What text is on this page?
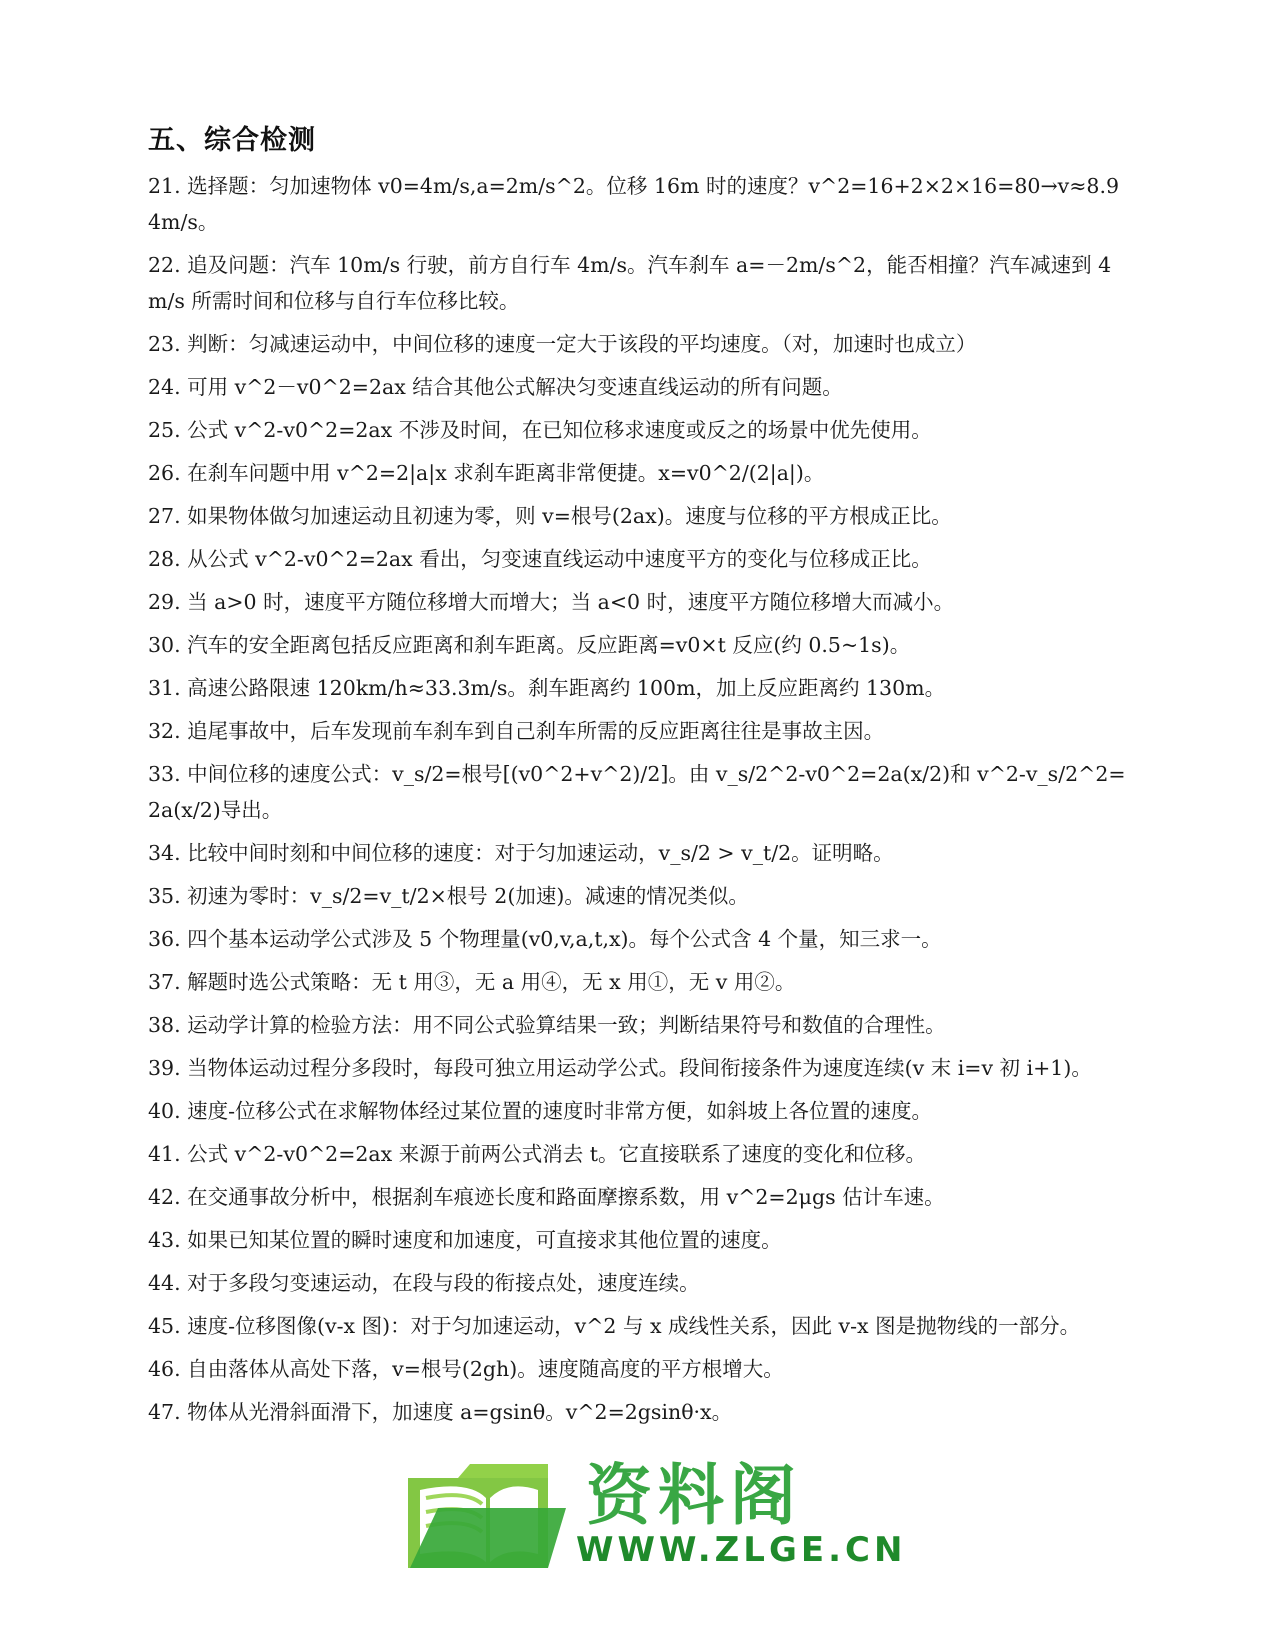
五、综合检测
21. 选择题：匀加速物体 v0=4m/s,a=2m/s^2。位移 16m 时的速度？v^2=16+2×2×16=80→v≈8.94m/s。
22. 追及问题：汽车 10m/s 行驶，前方自行车 4m/s。汽车刹车 a=－2m/s^2，能否相撞？汽车减速到 4m/s 所需时间和位移与自行车位移比较。
23. 判断：匀减速运动中，中间位移的速度一定大于该段的平均速度。（对，加速时也成立）
24. 可用 v^2－v0^2=2ax 结合其他公式解决匀变速直线运动的所有问题。
25. 公式 v^2-v0^2=2ax 不涉及时间，在已知位移求速度或反之的场景中优先使用。
26. 在刹车问题中用 v^2=2|a|x 求刹车距离非常便捷。x=v0^2/(2|a|)。
27. 如果物体做匀加速运动且初速为零，则 v=根号(2ax)。速度与位移的平方根成正比。
28. 从公式 v^2-v0^2=2ax 看出，匀变速直线运动中速度平方的变化与位移成正比。
29. 当 a>0 时，速度平方随位移增大而增大；当 a<0 时，速度平方随位移增大而减小。
30. 汽车的安全距离包括反应距离和刹车距离。反应距离=v0×t 反应(约 0.5~1s)。
31. 高速公路限速 120km/h≈33.3m/s。刹车距离约 100m，加上反应距离约 130m。
32. 追尾事故中，后车发现前车刹车到自己刹车所需的反应距离往往是事故主因。
33. 中间位移的速度公式：v_s/2=根号[(v0^2+v^2)/2]。由 v_s/2^2-v0^2=2a(x/2)和 v^2-v_s/2^2=2a(x/2)导出。
34. 比较中间时刻和中间位移的速度：对于匀加速运动，v_s/2 > v_t/2。证明略。
35. 初速为零时：v_s/2=v_t/2×根号 2(加速)。减速的情况类似。
36. 四个基本运动学公式涉及 5 个物理量(v0,v,a,t,x)。每个公式含 4 个量，知三求一。
37. 解题时选公式策略：无 t 用③，无 a 用④，无 x 用①，无 v 用②。
38. 运动学计算的检验方法：用不同公式验算结果一致；判断结果符号和数值的合理性。
39. 当物体运动过程分多段时，每段可独立用运动学公式。段间衔接条件为速度连续(v 末 i=v 初 i+1)。
40. 速度-位移公式在求解物体经过某位置的速度时非常方便，如斜坡上各位置的速度。
41. 公式 v^2-v0^2=2ax 来源于前两公式消去 t。它直接联系了速度的变化和位移。
42. 在交通事故分析中，根据刹车痕迹长度和路面摩擦系数，用 v^2=2μgs 估计车速。
43. 如果已知某位置的瞬时速度和加速度，可直接求其他位置的速度。
44. 对于多段匀变速运动，在段与段的衔接点处，速度连续。
45. 速度-位移图像(v-x 图)：对于匀加速运动，v^2 与 x 成线性关系，因此 v-x 图是抛物线的一部分。
46. 自由落体从高处下落，v=根号(2gh)。速度随高度的平方根增大。
47. 物体从光滑斜面滑下，加速度 a=gsinθ。v^2=2gsinθ·x。
资料阁
WWW.ZLGE.CN
